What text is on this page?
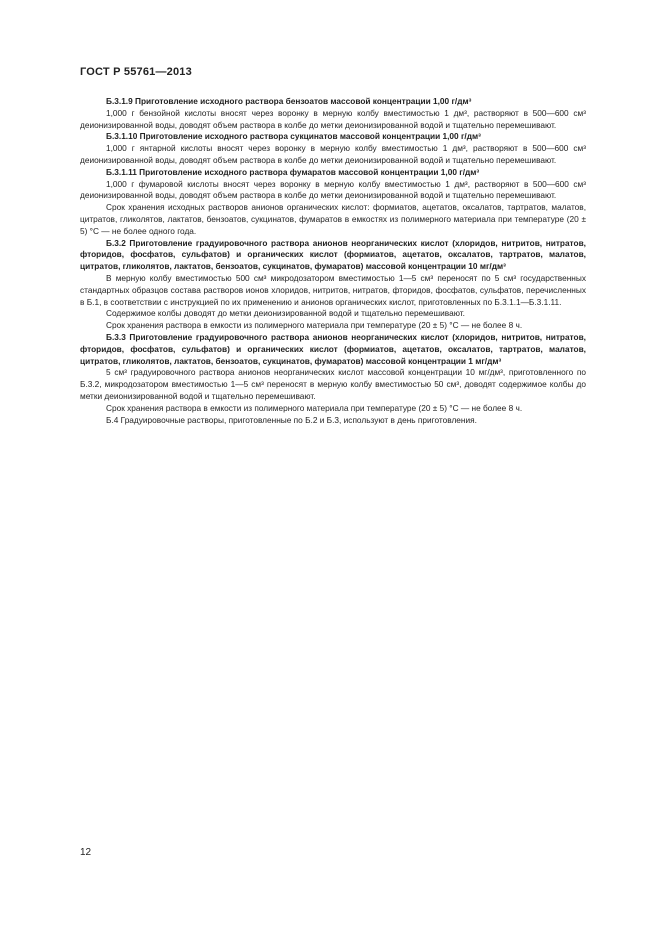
ГОСТ Р 55761—2013

Б.3.1.9 Приготовление исходного раствора бензоатов массовой концентрации 1,00 г/дм³

1,000 г бензойной кислоты вносят через воронку в мерную колбу вместимостью 1 дм³, растворяют в 500—600 см³ деионизированной воды, доводят объем раствора в колбе до метки деионизированной водой и тщательно перемешивают.

Б.3.1.10 Приготовление исходного раствора сукцинатов массовой концентрации 1,00 г/дм³

1,000 г янтарной кислоты вносят через воронку в мерную колбу вместимостью 1 дм³, растворяют в 500—600 см³ деионизированной воды, доводят объем раствора в колбе до метки деионизированной водой и тщательно перемешивают.

Б.3.1.11 Приготовление исходного раствора фумаратов массовой концентрации 1,00 г/дм³

1,000 г фумаровой кислоты вносят через воронку в мерную колбу вместимостью 1 дм³, растворяют в 500—600 см³ деионизированной воды, доводят объем раствора в колбе до метки деионизированной водой и тщательно перемешивают.

Срок хранения исходных растворов анионов органических кислот: формиатов, ацетатов, оксалатов, тартратов, малатов, цитратов, гликолятов, лактатов, бензоатов, сукцинатов, фумаратов в емкостях из полимерного материала при температуре (20 ± 5) °С — не более одного года.

Б.3.2 Приготовление градуировочного раствора анионов неорганических кислот (хлоридов, нитритов, нитратов, фторидов, фосфатов, сульфатов) и органических кислот (формиатов, ацетатов, оксалатов, тартратов, малатов, цитратов, гликолятов, лактатов, бензоатов, сукцинатов, фумаратов) массовой концентрации 10 мг/дм³

В мерную колбу вместимостью 500 см³ микродозатором вместимостью 1—5 см³ переносят по 5 см³ государственных стандартных образцов состава растворов ионов хлоридов, нитритов, нитратов, фторидов, фосфатов, сульфатов, перечисленных в Б.1, в соответствии с инструкцией по их применению и анионов органических кислот, приготовленных по Б.3.1.1—Б.3.1.11.

Содержимое колбы доводят до метки деионизированной водой и тщательно перемешивают.

Срок хранения раствора в емкости из полимерного материала при температуре (20 ± 5) °С — не более 8 ч.

Б.3.3 Приготовление градуировочного раствора анионов неорганических кислот (хлоридов, нитритов, нитратов, фторидов, фосфатов, сульфатов) и органических кислот (формиатов, ацетатов, оксалатов, тартратов, малатов, цитратов, гликолятов, лактатов, бензоатов, сукцинатов, фумаратов) массовой концентрации 1 мг/дм³

5 см³ градуировочного раствора анионов неорганических кислот массовой концентрации 10 мг/дм³, приготовленного по Б.3.2, микродозатором вместимостью 1—5 см³ переносят в мерную колбу вместимостью 50 см³, доводят содержимое колбы до метки деионизированной водой и тщательно перемешивают.

Срок хранения раствора в емкости из полимерного материала при температуре (20 ± 5) °С — не более 8 ч.

Б.4 Градуировочные растворы, приготовленные по Б.2 и Б.3, используют в день приготовления.

12
